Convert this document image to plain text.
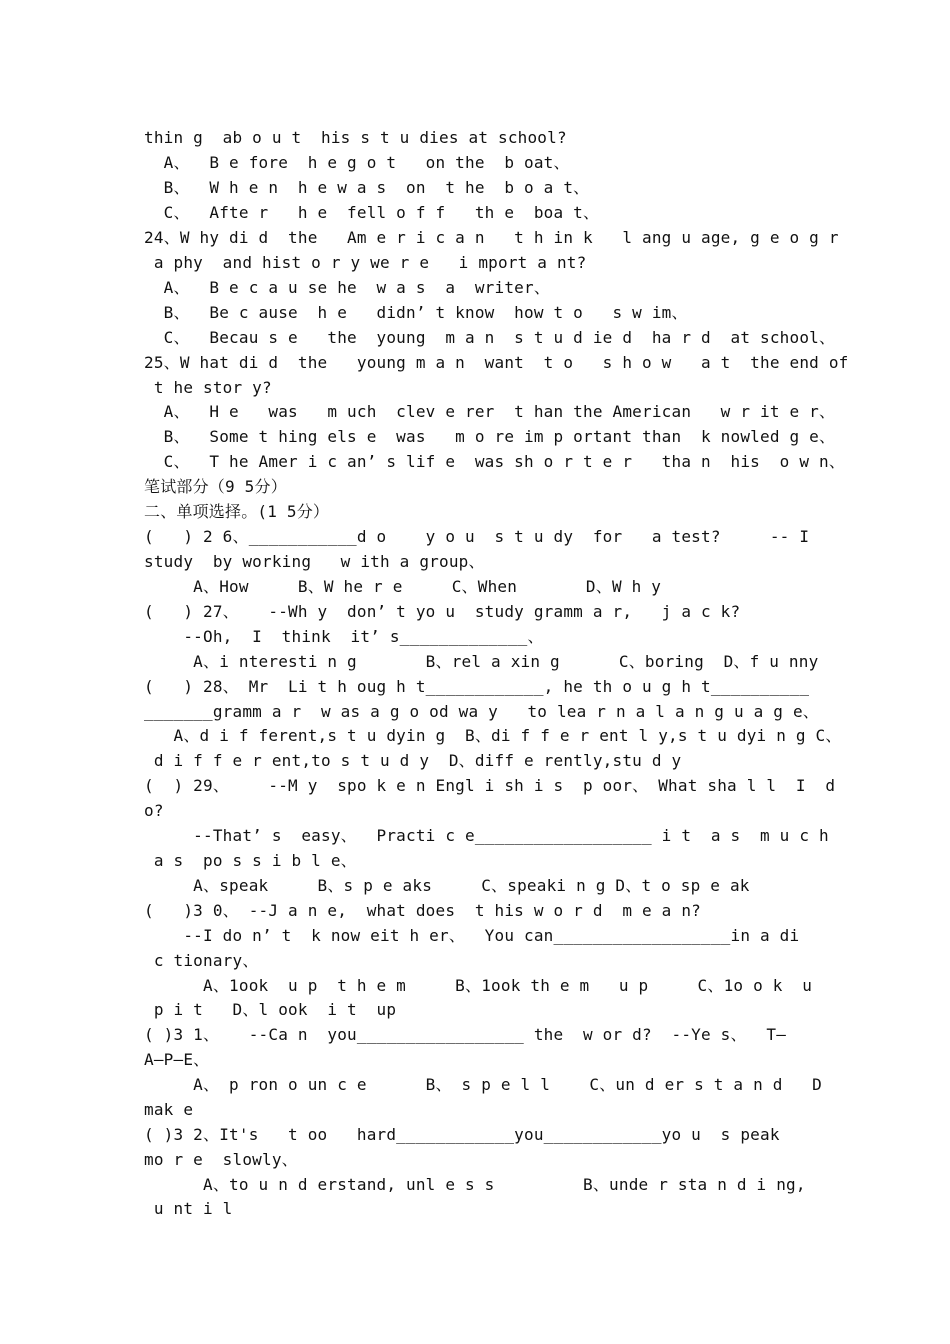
thin g  ab o u t  his s t u dies at school?
A、  B e fore  h e g o t   on the  b oat、
B、  W h e n  h e w a s  on  t he  b o a t、
C、  Afte r   h e  fell o f f   th e  boa t、
24、W hy di d  the   Am e r i c a n   t h in k   l ang u age, g e o g r
a phy  and hist o r y we r e   i mport a nt?
A、  B e c a u se he  w a s  a  writer、
B、  Be c ause  h e   didn’ t know  how t o   s w im、
C、  Becau s e   the  young  m a n  s t u d ie d  ha r d  at school、
25、W hat di d  the   young m a n  want  t o   s h o w   a t  the end of
t he stor y?
A、  H e   was   m uch  clev e rer  t han the American   w r it e r、
B、  Some t hing els e  was   m o re im p ortant than  k nowled g e、
C、  T he Amer i c an’ s lif e  was sh o r t e r   tha n  his  o w n、
笔试部分（9 5分）
二、单项选择。(1 5分）
(   ) 2 6、___________d o    y o u  s t u dy  for   a test?     -- I
study  by working   w ith a group、
A、How     B、W he r e     C、When       D、W h y
(   ) 27、   --Wh y  don’ t yo u  study gramm a r,   j a c k?
--Oh,  I  think  it’ s_____________、
A、i nteresti n g       B、rel a xin g      C、boring  D、f u nny
(   ) 28、 Mr  Li t h oug h t____________, he th o u g h t__________
_______gramm a r  w as a g o od wa y   to lea r n a l a n g u a g e、
A、d i f ferent,s t u dyin g  B、di f f e r ent l y,s t u dyi n g C、
d i f f e r ent,to s t u d y  D、diff e rently,stu d y
(  ) 29、    --M y  spo k e n Engl i sh i s  p oor、 What sha l l  I  d
o?
--That’ s  easy、  Practi c e__________________ i t  a s  m u c h
a s  po s s i b l e、
A、speak     B、s p e aks     C、speaki n g D、t o sp e ak
(   )3 0、 --J a n e,  what does  t his w o r d  m e a n?
--I do n’ t  k now eit h er、  You can__________________in a di
c tionary、
A、1ook  u p  t h e m     B、1ook th e m   u p     C、1o o k  u
p i t   D、l ook  i t  up
( )3 1、   --Ca n  you_________________ the  w or d?  --Ye s、  T—
A—P—E、
A、 p ron o un c e      B、 s p e l l    C、un d er s t a n d   D
mak e
( )3 2、It's   t oo   hard____________you____________yo u  s peak
mo r e  slowly、
A、to u n d erstand, unl e s s         B、unde r sta n d i ng,
u nt i l
